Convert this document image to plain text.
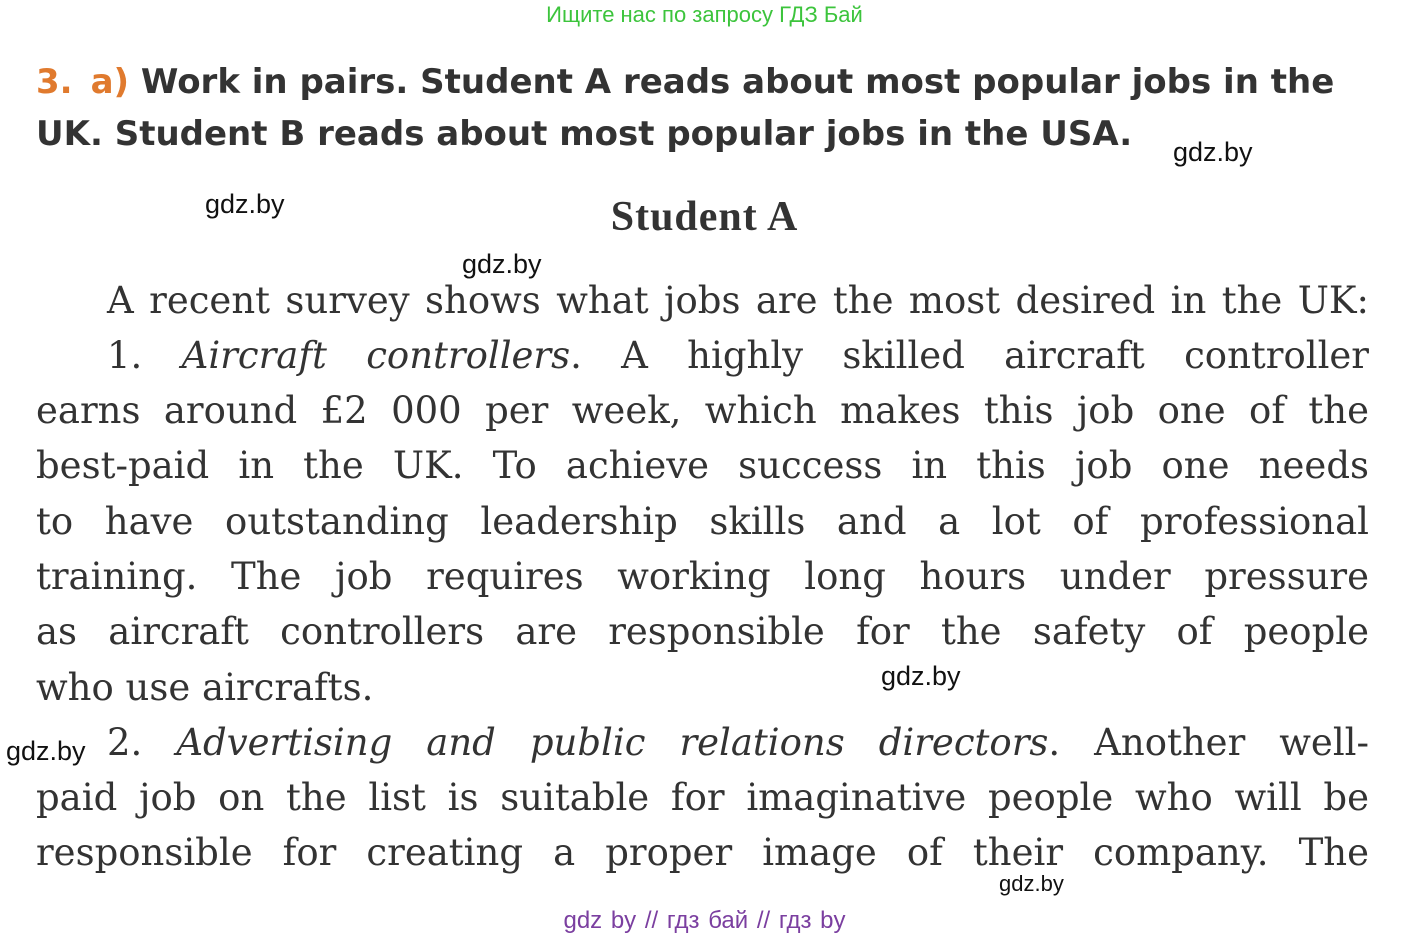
Ищите нас по запросу ГДЗ Бай
3. a) Work in pairs. Student A reads about most popular jobs in the
UK. Student B reads about most popular jobs in the USA.
Student A
A recent survey shows what jobs are the most desired in the UK:
1. Aircraft controllers. A highly skilled aircraft controller
earns around £2 000 per week, which makes this job one of the
best-paid in the UK. To achieve success in this job one needs
to have outstanding leadership skills and a lot of professional
training. The job requires working long hours under pressure
as aircraft controllers are responsible for the safety of people
who use aircrafts.
2. Advertising and public relations directors. Another well-
paid job on the list is suitable for imaginative people who will be
responsible for creating a proper image of their company. The
gdz.by
gdz.by
gdz.by
gdz.by
gdz.by
gdz.by
gdz by // гдз бай // гдз by
